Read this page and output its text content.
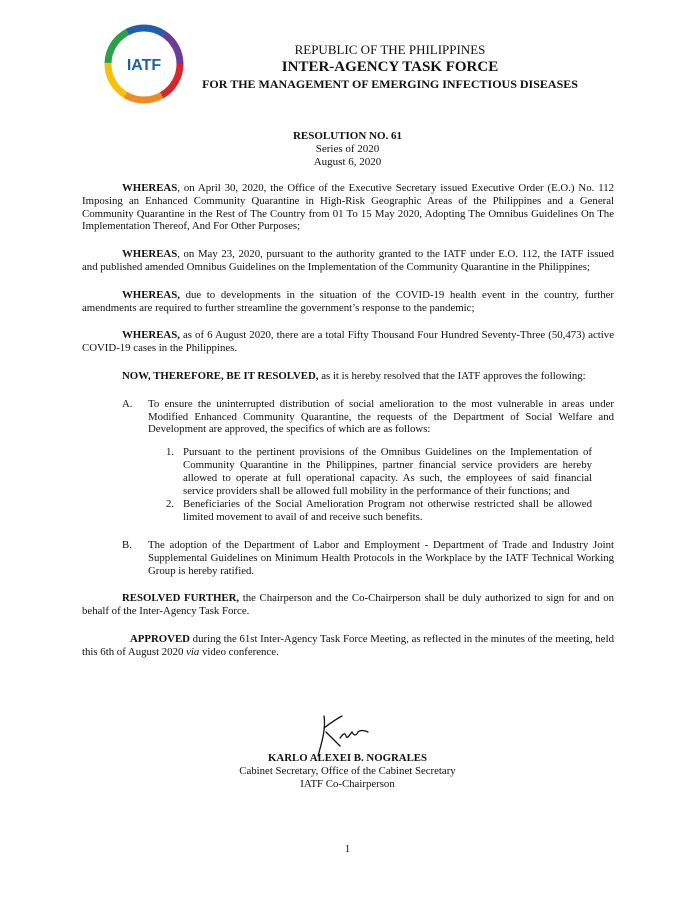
IATF
REPUBLIC OF THE PHILIPPINES
INTER-AGENCY TASK FORCE
FOR THE MANAGEMENT OF EMERGING INFECTIOUS DISEASES
RESOLUTION NO. 61
Series of 2020
August 6, 2020

WHEREAS, on April 30, 2020, the Office of the Executive Secretary issued Executive Order (E.O.) No. 112 Imposing an Enhanced Community Quarantine in High-Risk Geographic Areas of the Philippines and a General Community Quarantine in the Rest of The Country from 01 To 15 May 2020, Adopting The Omnibus Guidelines On The Implementation Thereof, And For Other Purposes;

WHEREAS, on May 23, 2020, pursuant to the authority granted to the IATF under E.O. 112, the IATF issued and published amended Omnibus Guidelines on the Implementation of the Community Quarantine in the Philippines;

WHEREAS, due to developments in the situation of the COVID-19 health event in the country, further amendments are required to further streamline the government’s response to the pandemic;

WHEREAS, as of 6 August 2020, there are a total Fifty Thousand Four Hundred Seventy-Three (50,473) active COVID-19 cases in the Philippines.

NOW, THEREFORE, BE IT RESOLVED, as it is hereby resolved that the IATF approves the following:

A. To ensure the uninterrupted distribution of social amelioration to the most vulnerable in areas under Modified Enhanced Community Quarantine, the requests of the Department of Social Welfare and Development are approved, the specifics of which are as follows:
1. Pursuant to the pertinent provisions of the Omnibus Guidelines on the Implementation of Community Quarantine in the Philippines, partner financial service providers are hereby allowed to operate at full operational capacity. As such, the employees of said financial service providers shall be allowed full mobility in the performance of their functions; and
2. Beneficiaries of the Social Amelioration Program not otherwise restricted shall be allowed limited movement to avail of and receive such benefits.
B. The adoption of the Department of Labor and Employment - Department of Trade and Industry Joint Supplemental Guidelines on Minimum Health Protocols in the Workplace by the IATF Technical Working Group is hereby ratified.

RESOLVED FURTHER, the Chairperson and the Co-Chairperson shall be duly authorized to sign for and on behalf of the Inter-Agency Task Force.

APPROVED during the 61st Inter-Agency Task Force Meeting, as reflected in the minutes of the meeting, held this 6th of August 2020 via video conference.

KARLO ALEXEI B. NOGRALES
Cabinet Secretary, Office of the Cabinet Secretary
IATF Co-Chairperson
1
